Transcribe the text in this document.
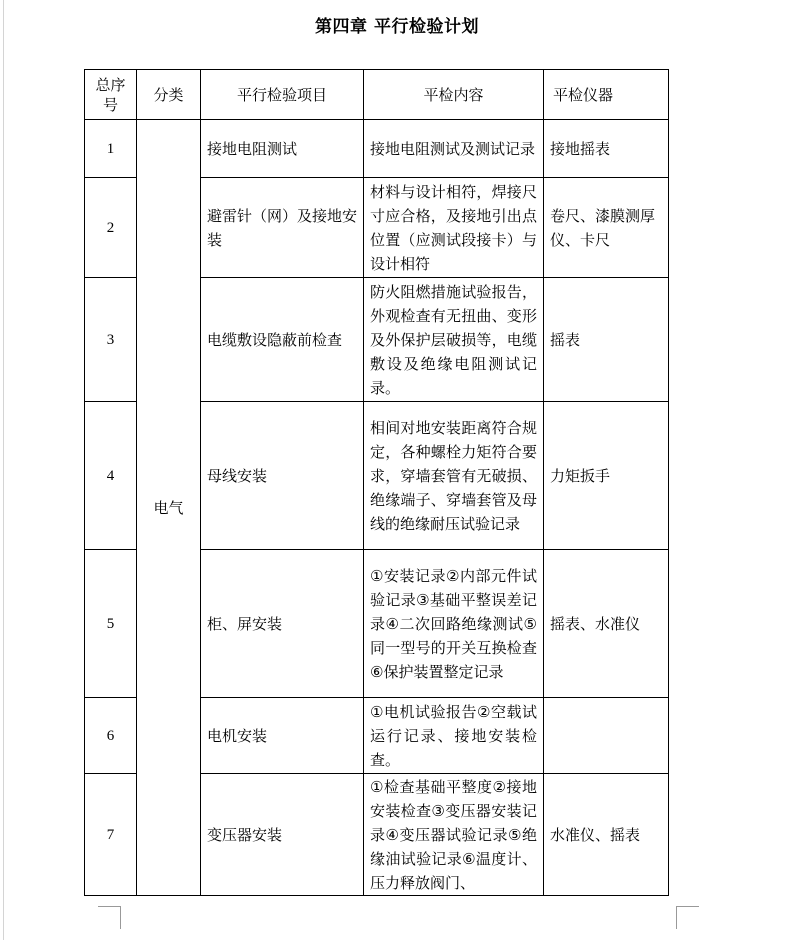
第四章 平行检验计划
总序号	分类	平行检验项目	平检内容	平检仪器
1	电气	接地电阻测试	接地电阻测试及测试记录	接地摇表
2		避雷针（网）及接地安装	材料与设计相符，焊接尺寸应合格，及接地引出点位置（应测试段接卡）与设计相符	卷尺、漆膜测厚仪、卡尺
3		电缆敷设隐蔽前检查	防火阻燃措施试验报告，外观检查有无扭曲、变形及外保护层破损等，电缆敷设及绝缘电阻测试记录。	摇表
4		母线安装	相间对地安装距离符合规定，各种螺栓力矩符合要求，穿墙套管有无破损、绝缘端子、穿墙套管及母线的绝缘耐压试验记录	力矩扳手
5		柜、屏安装	①安装记录②内部元件试验记录③基础平整误差记录④二次回路绝缘测试⑤同一型号的开关互换检查⑥保护装置整定记录	摇表、水准仪
6		电机安装	①电机试验报告②空载试运行记录、接地安装检查。	
7		变压器安装	①检查基础平整度②接地安装检查③变压器安装记录④变压器试验记录⑤绝缘油试验记录⑥温度计、压力释放阀门、	水准仪、摇表
